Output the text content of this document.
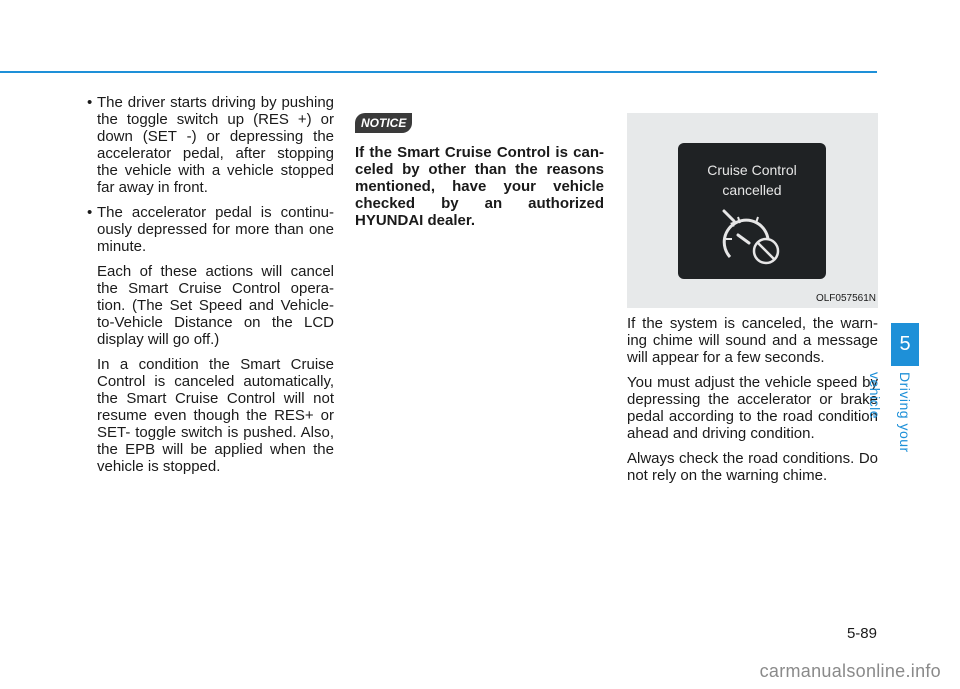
• The driver starts driving by pushing the toggle switch up (RES +) or down (SET -) or depressing the accelerator pedal, after stopping the vehicle with a vehicle stopped far away in front.
• The accelerator pedal is continu- ously depressed for more than one minute.

Each of these actions will cancel the Smart Cruise Control opera- tion. (The Set Speed and Vehicle- to-Vehicle Distance on the LCD display will go off.)

In a condition the Smart Cruise Control is canceled automatically, the Smart Cruise Control will not resume even though the RES+ or SET- toggle switch is pushed. Also, the EPB will be applied when the vehicle is stopped.

NOTICE

If the Smart Cruise Control is can- celed by other than the reasons mentioned, have your vehicle checked by an authorized HYUNDAI dealer.

Cruise Control
cancelled
OLF057561N

If the system is canceled, the warn- ing chime will sound and a message will appear for a few seconds.

You must adjust the vehicle speed by depressing the accelerator or brake pedal according to the road condition ahead and driving condition.

Always check the road conditions. Do not rely on the warning chime.

5
Driving your vehicle
5-89
carmanualsonline.info
